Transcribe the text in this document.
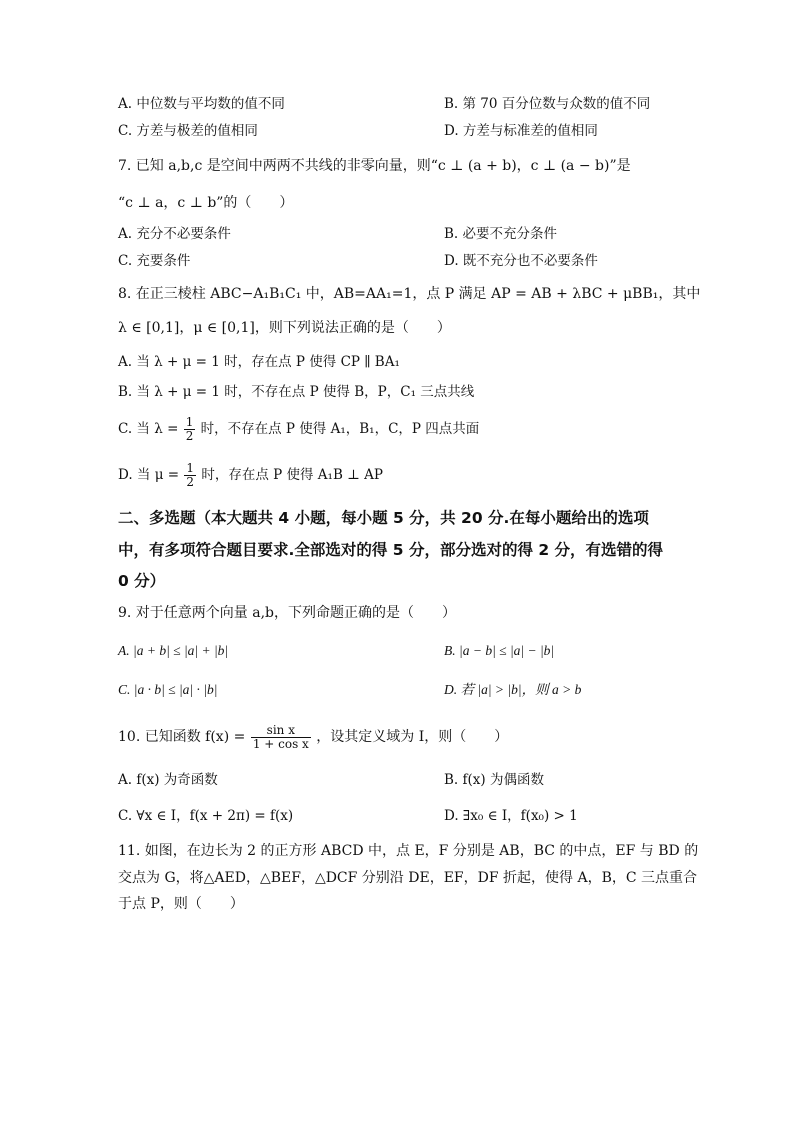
A. 中位数与平均数的值不同	B. 第 70 百分位数与众数的值不同
C. 方差与极差的值相同	D. 方差与标准差的值相同
7. 已知 a,b,c 是空间中两两不共线的非零向量，则“c ⊥ (a + b)，c ⊥ (a − b)”是
“c ⊥ a，c ⊥ b”的（　　）
A. 充分不必要条件	B. 必要不充分条件
C. 充要条件	D. 既不充分也不必要条件
8. 在正三棱柱 ABC−A₁B₁C₁ 中，AB=AA₁=1，点 P 满足 AP = AB + λBC + μBB₁，其中
λ ∈ [0,1]，μ ∈ [0,1]，则下列说法正确的是（　　）
A. 当 λ + μ = 1 时，存在点 P 使得 CP ∥ BA₁
B. 当 λ + μ = 1 时，不存在点 P 使得 B，P，C₁ 三点共线
C. 当 $\lambda = \frac{1}{2}$ 时，不存在点 P 使得 A₁，B₁，C，P 四点共面
D. 当 $\mu = \frac{1}{2}$ 时，存在点 P 使得 A₁B ⊥ AP
二、多选题（本大题共 4 小题，每小题 5 分，共 20 分.在每小题给出的选项
中，有多项符合题目要求.全部选对的得 5 分，部分选对的得 2 分，有选错的得
0 分）
9. 对于任意两个向量 a,b，下列命题正确的是（　　）
A. |a + b| ≤ |a| + |b|	B. |a − b| ≤ |a| − |b|
C. |a · b| ≤ |a| · |b|	D. 若 |a| > |b|，则 a > b
10. 已知函数 $f(x) = \frac{\text{sin x}}{\text{1 + cos x}}$ ，设其定义域为 I，则（　　）
A. f(x) 为奇函数	B. f(x) 为偶函数
C. ∀x ∈ I，f(x + 2π) = f(x)	D. ∃x₀ ∈ I，f(x₀) > 1
11. 如图，在边长为 2 的正方形 ABCD 中，点 E，F 分别是 AB，BC 的中点，EF 与 BD 的
交点为 G，将△AED，△BEF，△DCF 分别沿 DE，EF，DF 折起，使得 A，B，C 三点重合
于点 P，则（　　）
